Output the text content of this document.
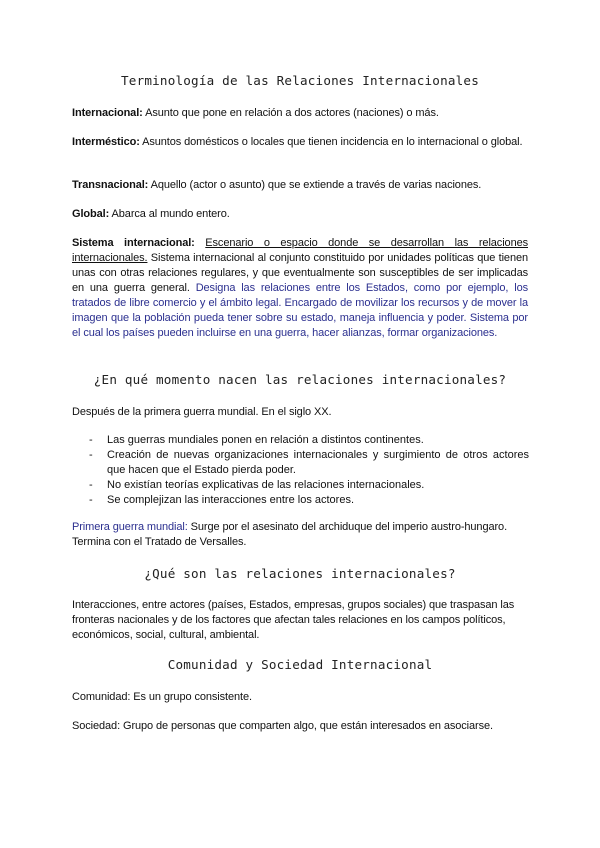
Terminología de las Relaciones Internacionales
Internacional: Asunto que pone en relación a dos actores (naciones) o más.
Interméstico: Asuntos domésticos o locales que tienen incidencia en lo internacional o global.
Transnacional: Aquello (actor o asunto) que se extiende a través de varias naciones.
Global: Abarca al mundo entero.
Sistema internacional: Escenario o espacio donde se desarrollan las relaciones internacionales. Sistema internacional al conjunto constituido por unidades políticas que tienen unas con otras relaciones regulares, y que eventualmente son susceptibles de ser implicadas en una guerra general. Designa las relaciones entre los Estados, como por ejemplo, los tratados de libre comercio y el ámbito legal. Encargado de movilizar los recursos y de mover la imagen que la población pueda tener sobre su estado, maneja influencia y poder. Sistema por el cual los países pueden incluirse en una guerra, hacer alianzas, formar organizaciones.
¿En qué momento nacen las relaciones internacionales?
Después de la primera guerra mundial. En el siglo XX.
- Las guerras mundiales ponen en relación a distintos continentes.
- Creación de nuevas organizaciones internacionales y surgimiento de otros actores que hacen que el Estado pierda poder.
- No existían teorías explicativas de las relaciones internacionales.
- Se complejizan las interacciones entre los actores.
Primera guerra mundial: Surge por el asesinato del archiduque del imperio austro-hungaro. Termina con el Tratado de Versalles.
¿Qué son las relaciones internacionales?
Interacciones, entre actores (países, Estados, empresas, grupos sociales) que traspasan las fronteras nacionales y de los factores que afectan tales relaciones en los campos políticos, económicos, social, cultural, ambiental.
Comunidad y Sociedad Internacional
Comunidad: Es un grupo consistente.
Sociedad: Grupo de personas que comparten algo, que están interesados en asociarse.
